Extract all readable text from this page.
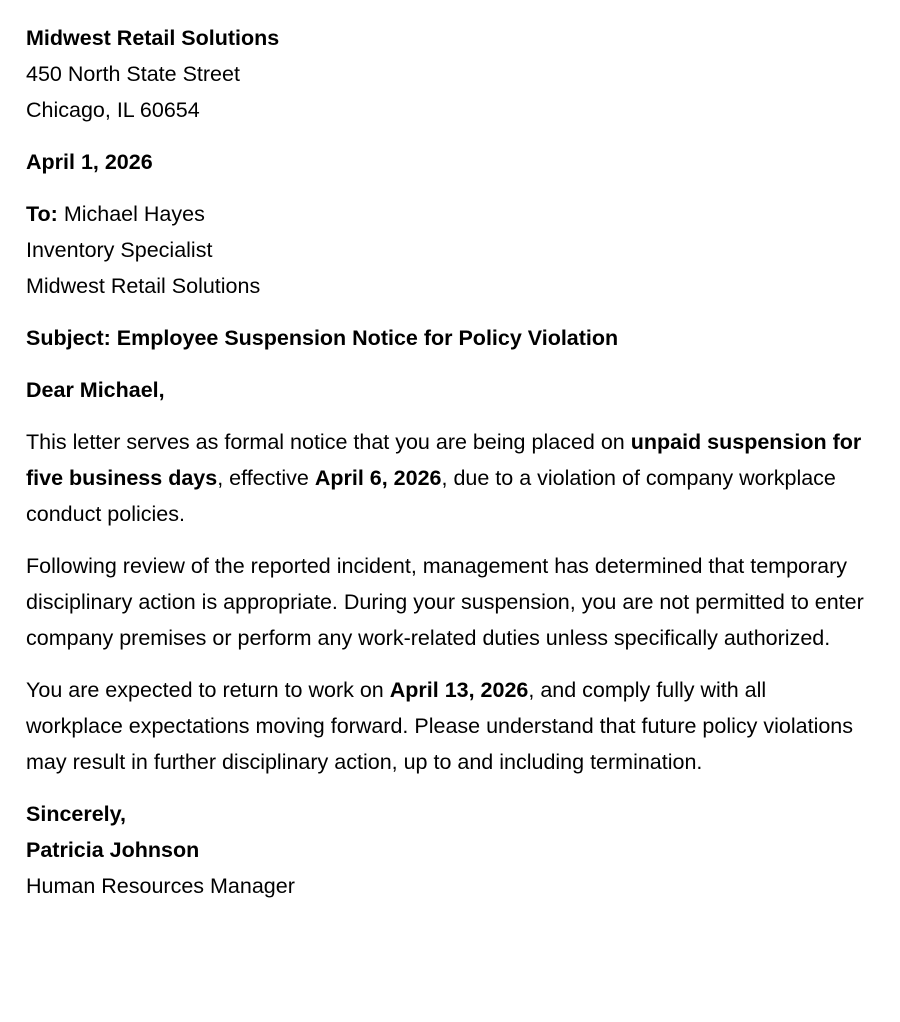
Midwest Retail Solutions
450 North State Street
Chicago, IL 60654
April 1, 2026
To: Michael Hayes
Inventory Specialist
Midwest Retail Solutions
Subject: Employee Suspension Notice for Policy Violation
Dear Michael,

This letter serves as formal notice that you are being placed on unpaid suspension for five business days, effective April 6, 2026, due to a violation of company workplace conduct policies.

Following review of the reported incident, management has determined that temporary disciplinary action is appropriate. During your suspension, you are not permitted to enter company premises or perform any work-related duties unless specifically authorized.

You are expected to return to work on April 13, 2026, and comply fully with all workplace expectations moving forward. Please understand that future policy violations may result in further disciplinary action, up to and including termination.

Sincerely,
Patricia Johnson
Human Resources Manager
